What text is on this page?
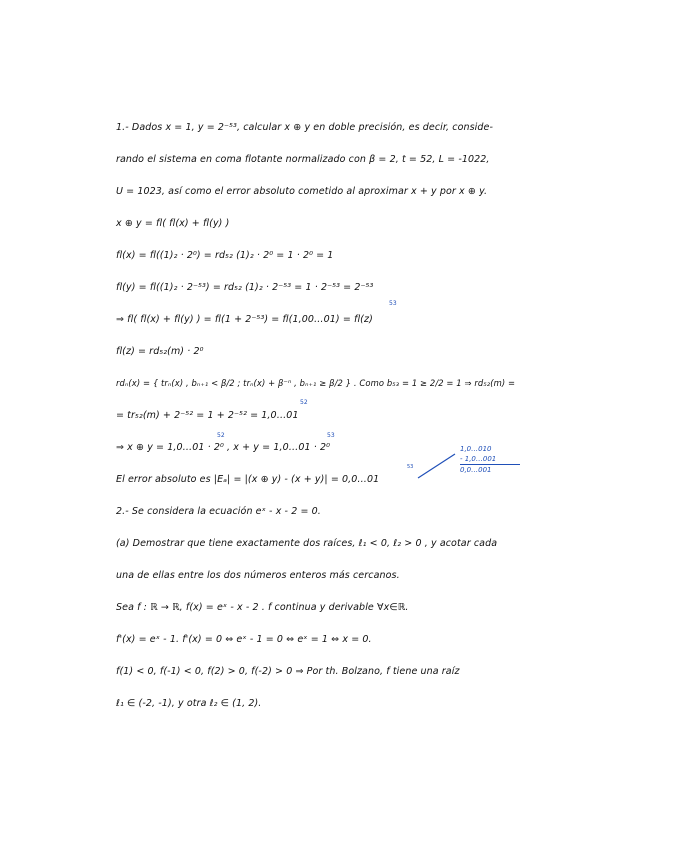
1.- Dados x = 1, y = 2⁻⁵³, calcular x ⊕ y en doble precisión, es decir, conside-
rando el sistema en coma flotante normalizado con β = 2, t = 52, L = -1022,
U = 1023, así como el error absoluto cometido al aproximar x + y por x ⊕ y.
x ⊕ y = fl( fl(x) + fl(y) )
fl(x) = fl((1)₂ · 2⁰) = rd₅₂ (1)₂ · 2⁰ = 1 · 2⁰ = 1
fl(y) = fl((1)₂ · 2⁻⁵³) = rd₅₂ (1)₂ · 2⁻⁵³ = 1 · 2⁻⁵³ = 2⁻⁵³
⇒ fl( fl(x) + fl(y) ) = fl(1 + 2⁻⁵³) = fl(1,00…01) = fl(z)
fl(z) = rd₅₂(m) · 2⁰
rdₙ(x) = { trₙ(x) , bₙ₊₁ < β/2 ; trₙ(x) + β⁻ⁿ , bₙ₊₁ ≥ β/2 } . Como b₅₃ = 1 ≥ 2/2 = 1 ⇒ rd₅₂(m) =
= tr₅₂(m) + 2⁻⁵² = 1 + 2⁻⁵² = 1,0…01
⇒ x ⊕ y = 1,0…01 · 2⁰ , x + y = 1,0…01 · 2⁰
El error absoluto es |Eₐ| = |(x ⊕ y) - (x + y)| = 0,0…01
2.- Se considera la ecuación eˣ - x - 2 = 0.
(a) Demostrar que tiene exactamente dos raíces, ℓ₁ < 0, ℓ₂ > 0 , y acotar cada
una de ellas entre los dos números enteros más cercanos.
Sea f : ℝ → ℝ, f(x) = eˣ - x - 2 . f continua y derivable ∀x∈ℝ.
f'(x) = eˣ - 1. f'(x) = 0 ⇔ eˣ - 1 = 0 ⇔ eˣ = 1 ⇔ x = 0.
f(1) < 0, f(-1) < 0, f(2) > 0, f(-2) > 0 ⇒ Por th. Bolzano, f tiene una raíz
ℓ₁ ∈ (-2, -1), y otra ℓ₂ ∈ (1, 2).
53
52
52	53
53
1,0…010
- 1,0…001
0,0…001
